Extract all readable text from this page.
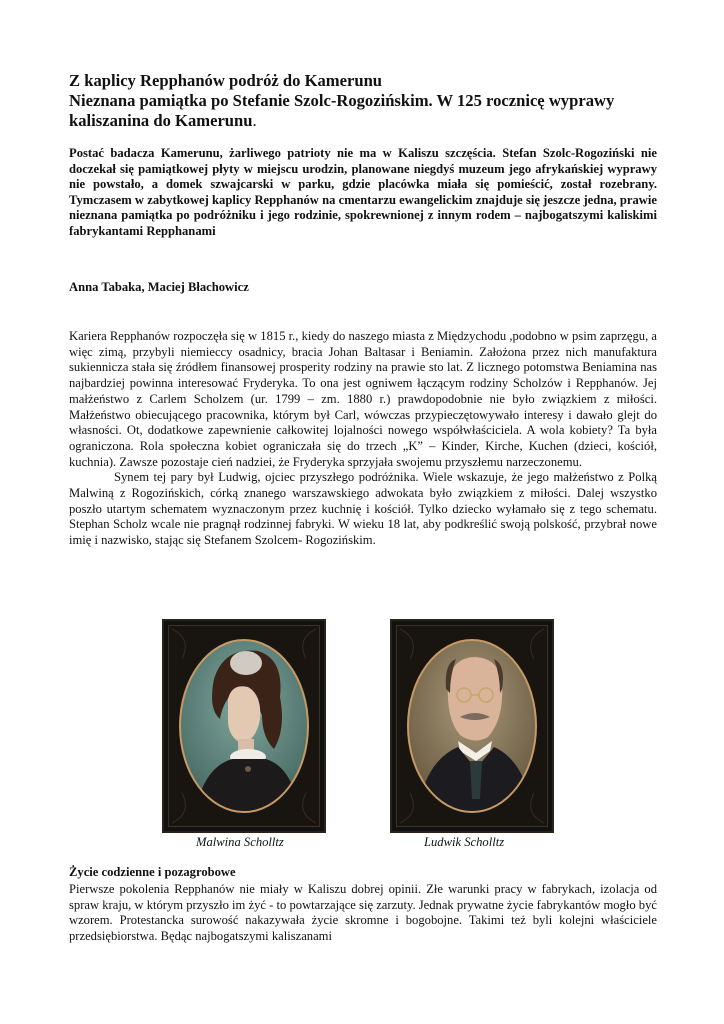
Z kaplicy Repphanów podróż do Kamerunu
Nieznana pamiątka po Stefanie Szolc-Rogozińskim. W 125 rocznicę wyprawy kaliszanina do Kamerunu.

Postać badacza Kamerunu, żarliwego patrioty nie ma w Kaliszu szczęścia. Stefan Szolc-Rogoziński nie doczekał się pamiątkowej płyty w miejscu urodzin, planowane niegdyś muzeum jego afrykańskiej wyprawy nie powstało, a domek szwajcarski w parku, gdzie placówka miała się pomieścić, został rozebrany. Tymczasem w zabytkowej kaplicy Repphanów na cmentarzu ewangelickim znajduje się jeszcze jedna, prawie nieznana pamiątka po podróżniku i jego rodzinie, spokrewnionej z innym rodem – najbogatszymi kaliskimi fabrykantami Repphanami

Anna Tabaka, Maciej Błachowicz

Kariera Repphanów rozpoczęła się w 1815 r., kiedy do naszego miasta z Międzychodu ,podobno w psim zaprzęgu, a więc zimą, przybyli niemieccy osadnicy, bracia Johan Baltasar i Beniamin. Założona przez nich manufaktura sukiennicza stała się źródłem finansowej prosperity rodziny na prawie sto lat. Z licznego potomstwa Beniamina nas najbardziej powinna interesować Fryderyka. To ona jest ogniwem łączącym rodziny Scholzów i Repphanów. Jej małżeństwo z Carlem Scholzem (ur. 1799 – zm. 1880 r.) prawdopodobnie nie było związkiem z miłości. Małżeństwo obiecującego pracownika, którym był Carl, wówczas przypieczętowywało interesy i dawało glejt do własności. Ot, dodatkowe zapewnienie całkowitej lojalności nowego współwłaściciela. A wola kobiety? Ta była ograniczona. Rola społeczna kobiet ograniczała się do trzech „K” – Kinder, Kirche, Kuchen (dzieci, kościół, kuchnia). Zawsze pozostaje cień nadziei, że Fryderyka sprzyjała swojemu przyszłemu narzeczonemu.

Synem tej pary był Ludwig, ojciec przyszłego podróżnika. Wiele wskazuje, że jego małżeństwo z Polką Malwiną z Rogozińskich, córką znanego warszawskiego adwokata było związkiem z miłości. Dalej wszystko poszło utartym schematem wyznaczonym przez kuchnię i kościół. Tylko dziecko wyłamało się z tego schematu. Stephan Scholz wcale nie pragnął rodzinnej fabryki. W wieku 18 lat, aby podkreślić swoją polskość, przybrał nowe imię i nazwisko, stając się Stefanem Szolcem- Rogozińskim.

Malwina Scholltz	Ludwik Scholltz

Życie codzienne i pozagrobowe

Pierwsze pokolenia Repphanów nie miały w Kaliszu dobrej opinii. Złe warunki pracy w fabrykach, izolacja od spraw kraju, w którym przyszło im żyć - to powtarzające się zarzuty. Jednak prywatne życie fabrykantów mogło być wzorem. Protestancka surowość nakazywała życie skromne i bogobojne. Takimi też byli kolejni właściciele przedsiębiorstwa. Będąc najbogatszymi kaliszanami
